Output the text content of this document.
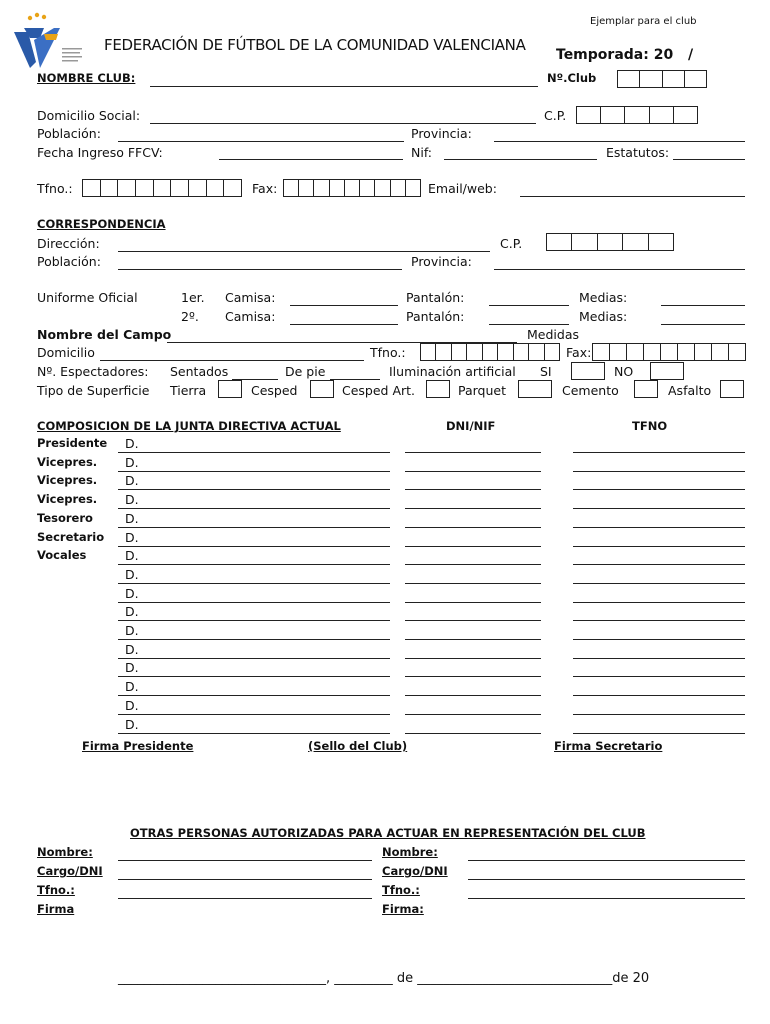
Ejemplar para el club
FEDERACIÓN DE FÚTBOL DE LA COMUNIDAD VALENCIANA
Temporada: 20 /
NOMBRE CLUB:	Nº.Club
Domicilio Social:	C.P.
Población:	Provincia:
Fecha Ingreso FFCV:	Nif:	Estatutos:
Tfno.:	Fax:	Email/web:
CORRESPONDENCIA
Dirección:	C.P.
Población:	Provincia:
Uniforme Oficial	1er. Camisa:	Pantalón:	Medias:
2º. Camisa:	Pantalón:	Medias:
Nombre del Campo	Medidas
Domicilio	Tfno.:	Fax:
Nº. Espectadores: Sentados	De pie	Iluminación artificial SI	NO
Tipo de Superficie Tierra	Cesped	Cesped Art.	Parquet	Cemento	Asfalto
COMPOSICION DE LA JUNTA DIRECTIVA ACTUAL	DNI/NIF	TFNO
Presidente D.
Vicepres. D.
Vicepres. D.
Vicepres. D.
Tesorero	D.
Secretario D.
Vocales	D.
D.
D.
D.
D.
D.
D.
D.
D.
D.
Firma Presidente	(Sello del Club)	Firma Secretario
OTRAS PERSONAS AUTORIZADAS PARA ACTUAR EN REPRESENTACIÓN DEL CLUB
Nombre:	Nombre:
Cargo/DNI	Cargo/DNI
Tfno.:	Tfno.:
Firma	Firma:
________________________________, _________ de ______________________________de 20
